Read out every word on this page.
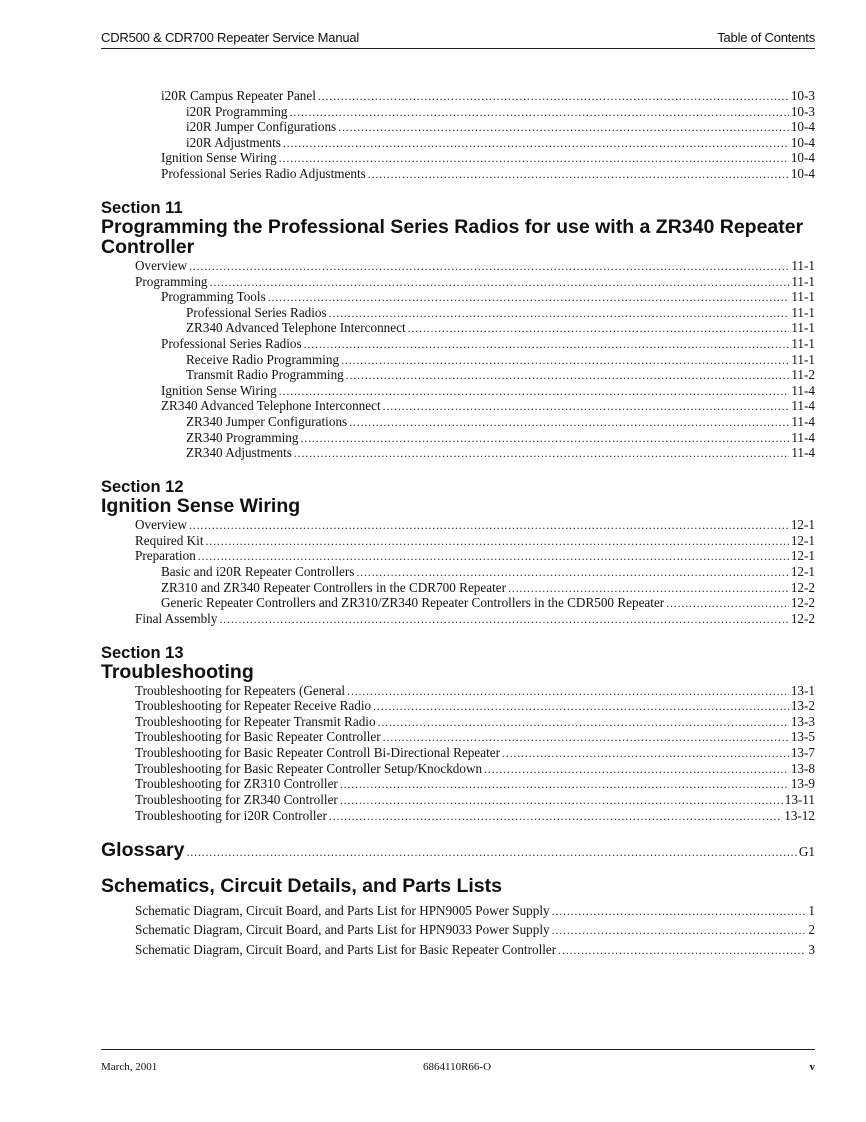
CDR500 & CDR700 Repeater Service Manual	Table of Contents
i20R Campus Repeater Panel . . .	10-3
i20R Programming . . .	10-3
i20R Jumper Configurations . . .	10-4
i20R Adjustments . . .	10-4
Ignition Sense Wiring . . .	10-4
Professional Series Radio Adjustments . . .	10-4
Section 11
Programming the Professional Series Radios for use with a ZR340 Repeater
Controller
Overview . . .	11-1
Programming . . .	11-1
Programming Tools . . .	11-1
Professional Series Radios . . .	11-1
ZR340 Advanced Telephone Interconnect . . .	11-1
Professional Series Radios . . .	11-1
Receive Radio Programming . . .	11-1
Transmit Radio Programming . . .	11-2
Ignition Sense Wiring . . .	11-4
ZR340 Advanced Telephone Interconnect . . .	11-4
ZR340 Jumper Configurations . . .	11-4
ZR340 Programming . . .	11-4
ZR340 Adjustments . . .	11-4
Section 12
Ignition Sense Wiring
Overview . . .	12-1
Required Kit . . .	12-1
Preparation . . .	12-1
Basic and i20R Repeater Controllers . . .	12-1
ZR310 and ZR340 Repeater Controllers in the CDR700 Repeater . . .	12-2
Generic Repeater Controllers and ZR310/ZR340 Repeater Controllers in the CDR500 Repeater . . .	12-2
Final Assembly . . .	12-2
Section 13
Troubleshooting
Troubleshooting for Repeaters (General . . .	13-1
Troubleshooting for Repeater Receive Radio . . .	13-2
Troubleshooting for Repeater Transmit Radio . . .	13-3
Troubleshooting for Basic Repeater Controller . . .	13-5
Troubleshooting for Basic Repeater Controll Bi-Directional Repeater . . .	13-7
Troubleshooting for Basic Repeater Controller Setup/Knockdown . . .	13-8
Troubleshooting for ZR310 Controller . . .	13-9
Troubleshooting for ZR340 Controller . . .	13-11
Troubleshooting for i20R Controller . . .	13-12
Glossary . . .	G1
Schematics, Circuit Details, and Parts Lists
Schematic Diagram, Circuit Board, and Parts List for HPN9005 Power Supply . . .	1
Schematic Diagram, Circuit Board, and Parts List for HPN9033 Power Supply . . .	2
Schematic Diagram, Circuit Board, and Parts List for Basic Repeater Controller . . .	3
March, 2001	6864110R66-O	v
